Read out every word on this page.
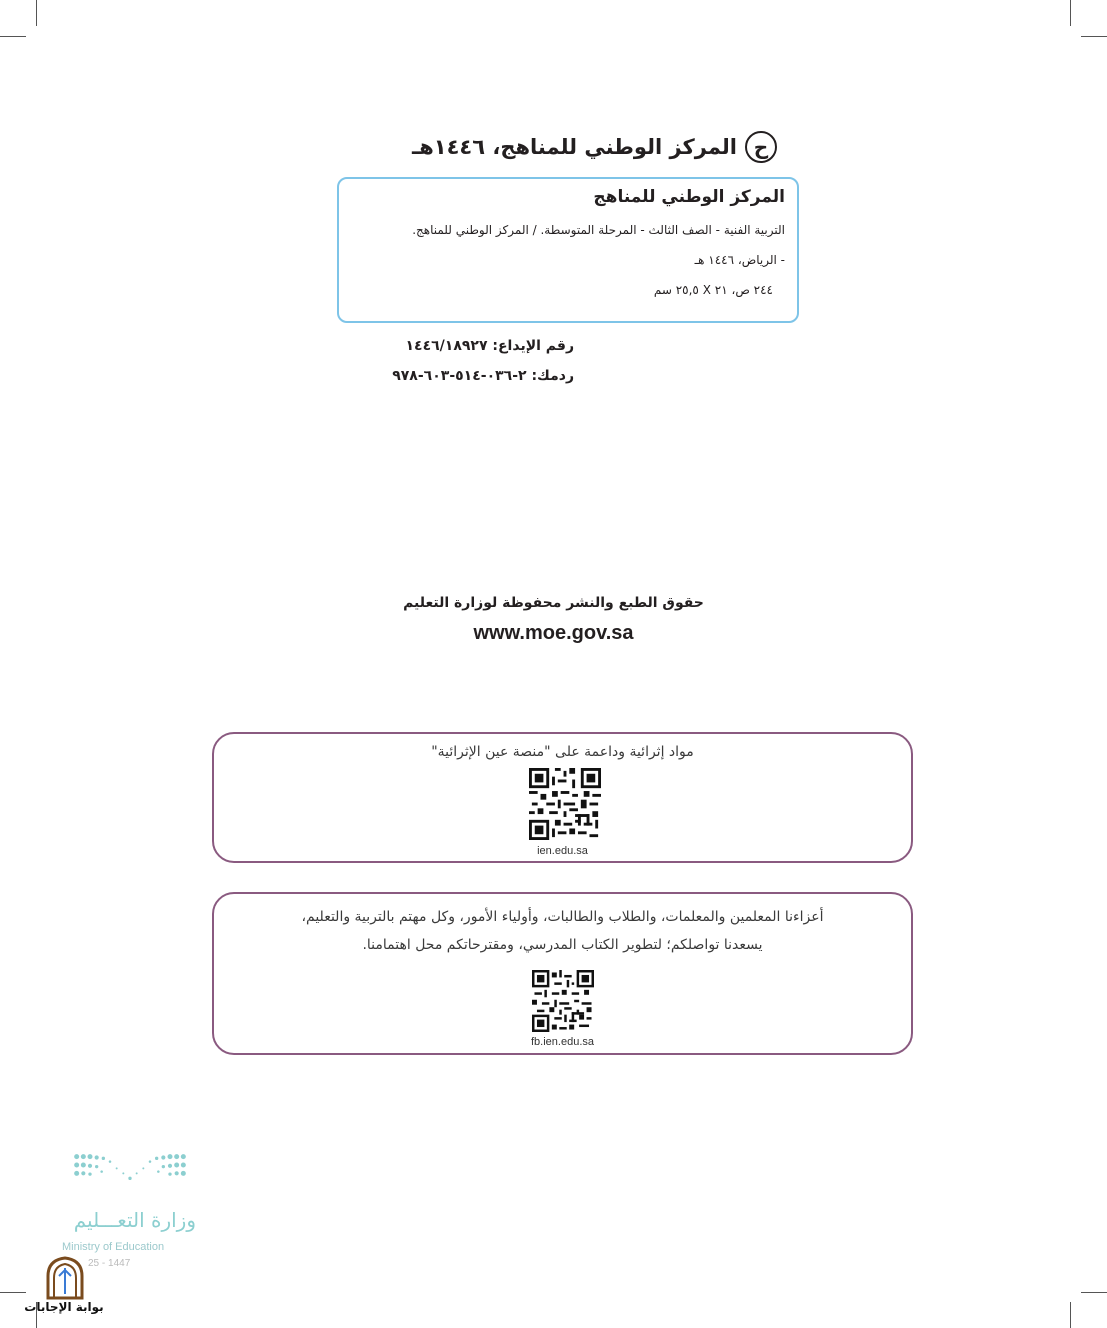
ح
المركز الوطني للمناهج، ١٤٤٦هـ
المركز الوطني للمناهج
التربية الفنية - الصف الثالث - المرحلة المتوسطة. / المركز الوطني للمناهج.
- الرياض، ١٤٤٦ هـ
٢٤٤ ص، ٢١ X ٢٥,٥ سم
رقم الإيداع: ١٤٤٦/١٨٩٢٧
ردمك: ٢-٠٣٦-٥١٤-٦٠٣-٩٧٨
حقوق الطبع والنشر محفوظة لوزارة التعليم
www.moe.gov.sa
مواد إثرائية وداعمة على "منصة عين الإثرائية"
ien.edu.sa
أعزاءنا المعلمين والمعلمات، والطلاب والطالبات، وأولياء الأمور، وكل مهتم بالتربية والتعليم،
يسعدنا تواصلكم؛ لتطوير الكتاب المدرسي، ومقترحاتكم محل اهتمامنا.
fb.ien.edu.sa
وزارة التعـــليم
Ministry of Education
25 - 1447
بوابة الإجابات
